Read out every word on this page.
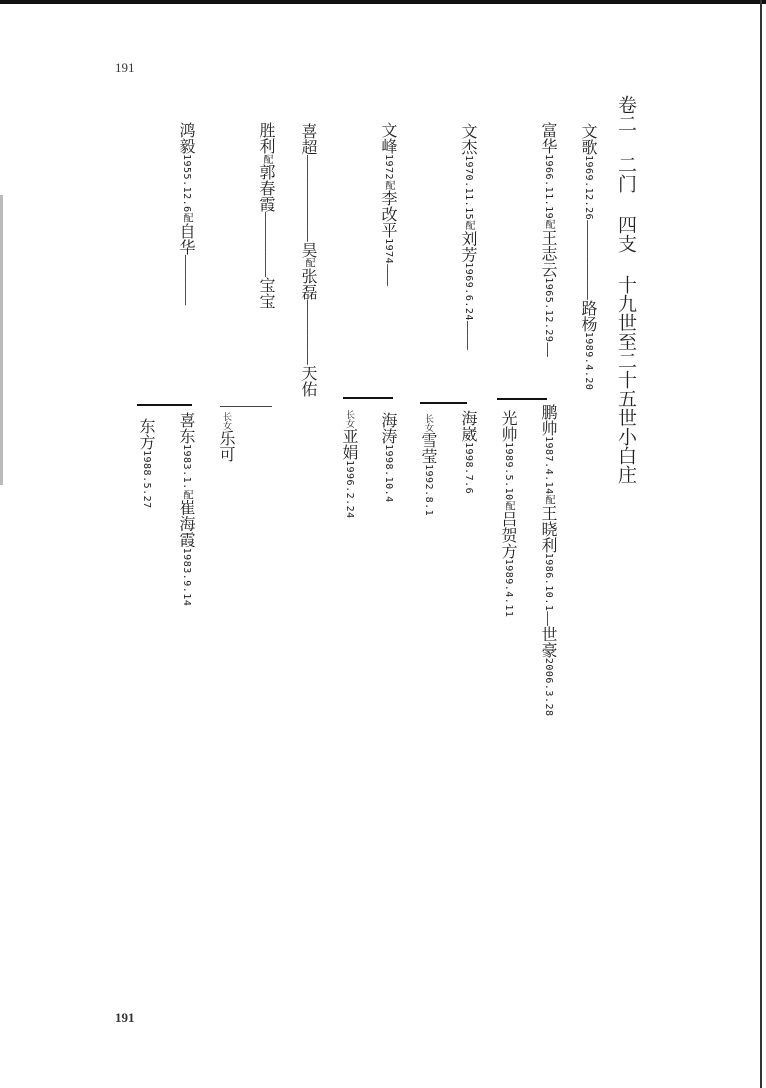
191
191
卷二 二门 四支 十九世至二十五世小白庄
文歌1969.12.26———————————路杨1989.4.20
富华1966.11.19配王志云1965.12.29——
鹏帅1987.4.14配王晓利1986.10.1——世豪2006.3.28
光帅1989.5.10配吕贺方1989.4.11
文杰1970.11.15配刘芳1969.6.24————
海崴1998.7.6
长女雪莹1992.8.1
文峰1972配李改平1974———
海涛1998.10.4
长女亚娟1996.2.24
喜超————————————昊配张磊—————————天佑
胜利配郭春霞—————————宝宝
长女乐可
鸿毅1955.12.6配自华———————
喜东1983.1.配崔海霞1983.9.14
东方1988.5.27
